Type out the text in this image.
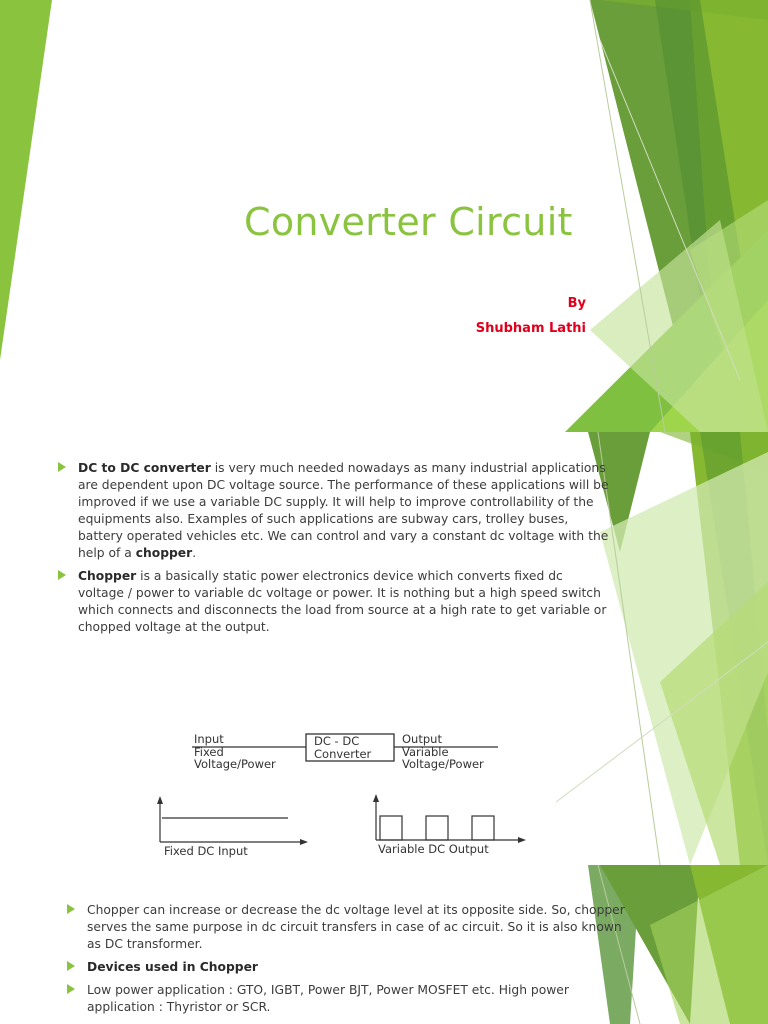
Converter Circuit
By
Shubham Lathi
DC to DC converter is very much needed nowadays as many industrial applications are dependent upon DC voltage source. The performance of these applications will be improved if we use a variable DC supply. It will help to improve controllability of the equipments also. Examples of such applications are subway cars, trolley buses, battery operated vehicles etc. We can control and vary a constant dc voltage with the help of a chopper.
Chopper is a basically static power electronics device which converts fixed dc voltage / power to variable dc voltage or power. It is nothing but a high speed switch which connects and disconnects the load from source at a high rate to get variable or chopped voltage at the output.
Input
Fixed
Voltage/Power
DC - DC
Converter
Output
Variable
Voltage/Power
Fixed DC Input	Variable DC Output
Chopper can increase or decrease the dc voltage level at its opposite side. So, chopper serves the same purpose in dc circuit transfers in case of ac circuit. So it is also known as DC transformer.
Devices used in Chopper
Low power application : GTO, IGBT, Power BJT, Power MOSFET etc. High power application : Thyristor or SCR.
